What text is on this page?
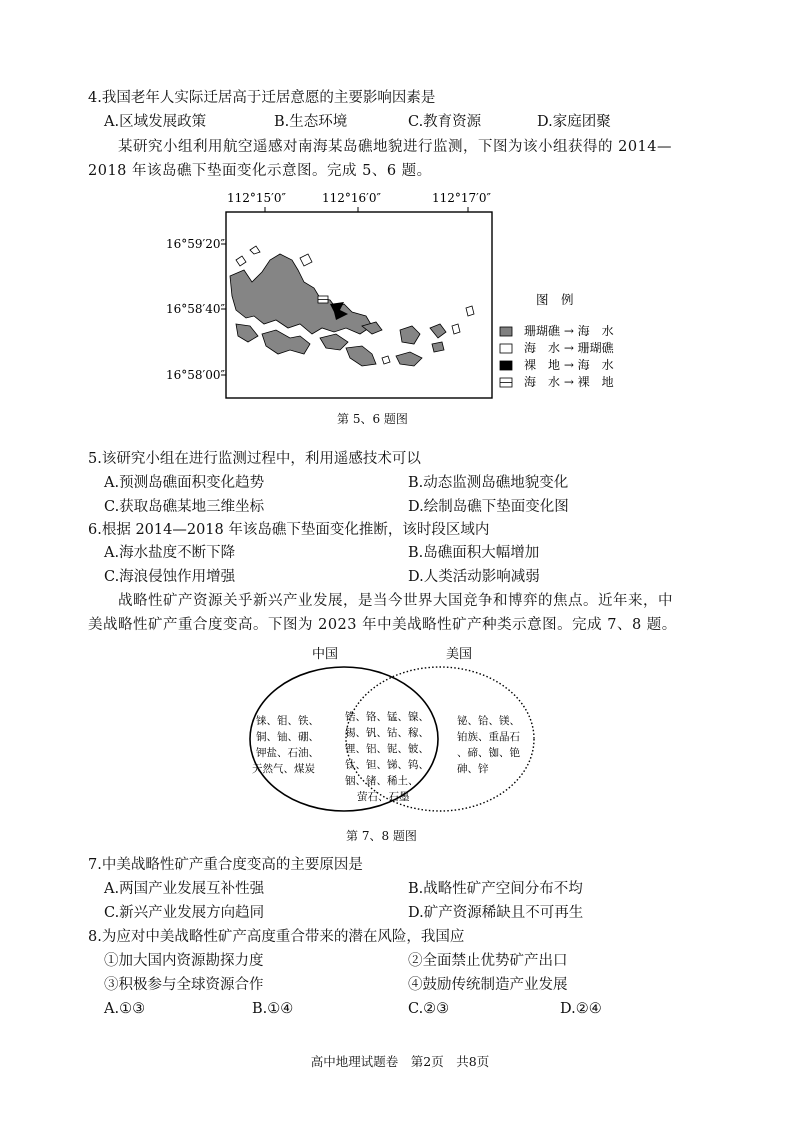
4.我国老年人实际迁居高于迁居意愿的主要影响因素是
A.区域发展政策	B.生态环境	C.教育资源	D.家庭团聚
某研究小组利用航空遥感对南海某岛礁地貌进行监测，下图为该小组获得的 2014—
2018 年该岛礁下垫面变化示意图。完成 5、6 题。
112°15′0″	112°16′0″	112°17′0″
16°59′20″
16°58′40″
16°58′00″
图　例
珊瑚礁 → 海　水
海　水 → 珊瑚礁
裸　地 → 海　水
海　水 → 裸　地
第 5、6 题图
5.该研究小组在进行监测过程中，利用遥感技术可以
A.预测岛礁面积变化趋势	B.动态监测岛礁地貌变化
C.获取岛礁某地三维坐标	D.绘制岛礁下垫面变化图
6.根据 2014—2018 年该岛礁下垫面变化推断，该时段区域内
A.海水盐度不断下降	B.岛礁面积大幅增加
C.海浪侵蚀作用增强	D.人类活动影响减弱
战略性矿产资源关乎新兴产业发展，是当今世界大国竞争和博弈的焦点。近年来，中
美战略性矿产重合度变高。下图为 2023 年中美战略性矿产种类示意图。完成 7、8 题。
中国	美国
铼、钼、铁、
铜、铀、硼、
钾盐、石油、
天然气、煤炭
锆、铬、锰、镍、
锡、钒、钴、稼、
锂、铝、铌、铍、
钛、钽、锑、钨、
铟、锗、稀土、
萤石、石墨
铋、铪、镁、
铂族、重晶石
、碲、铷、铯
砷、锌
第 7、8 题图
7.中美战略性矿产重合度变高的主要原因是
A.两国产业发展互补性强	B.战略性矿产空间分布不均
C.新兴产业发展方向趋同	D.矿产资源稀缺且不可再生
8.为应对中美战略性矿产高度重合带来的潜在风险，我国应
①加大国内资源勘探力度	②全面禁止优势矿产出口
③积极参与全球资源合作	④鼓励传统制造产业发展
A.①③	B.①④	C.②③	D.②④
高中地理试题卷　第2页　共8页
